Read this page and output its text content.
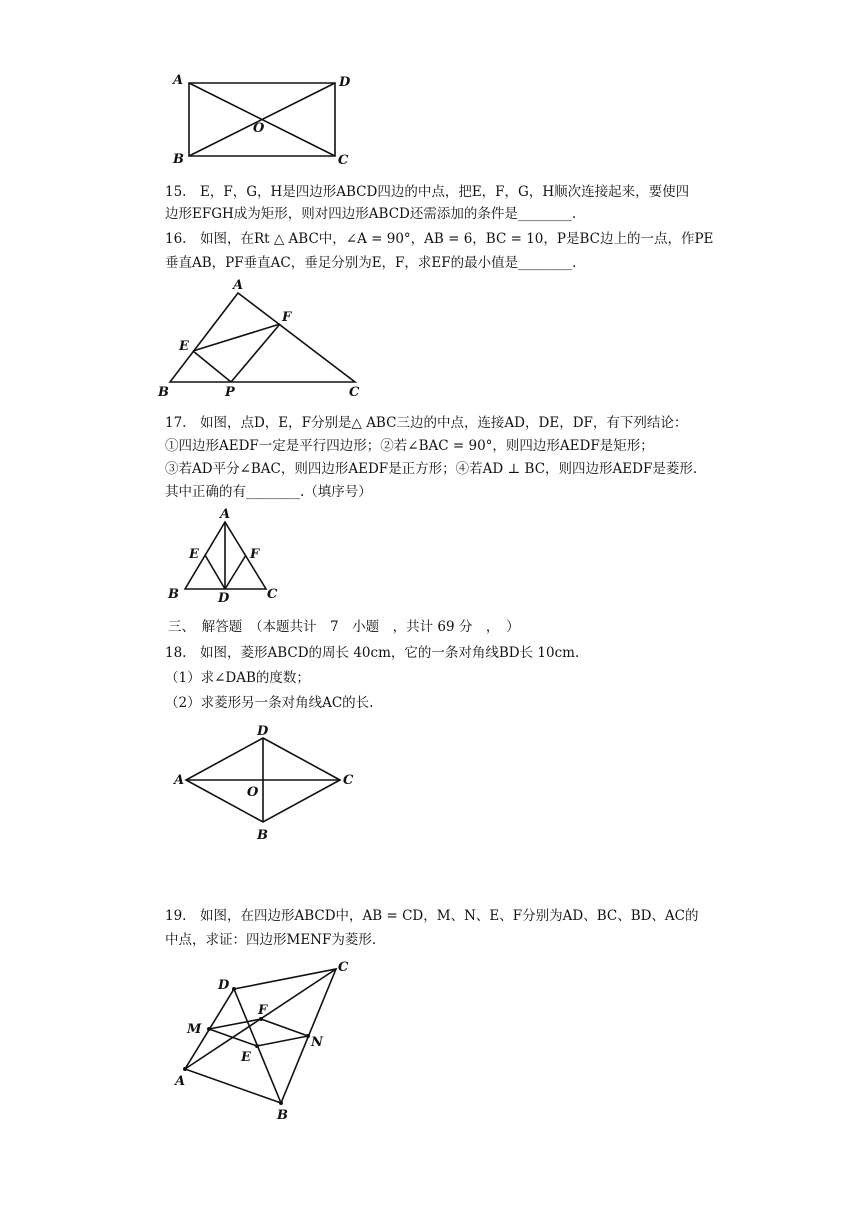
A	D
B	C
O
15.　E，F，G，H是四边形ABCD四边的中点，把E，F，G，H顺次连接起来，要使四
边形EFGH成为矩形，则对四边形ABCD还需添加的条件是________.
16.　如图，在Rt △ ABC中，∠A = 90°，AB = 6，BC = 10，P是BC边上的一点，作PE
垂直AB，PF垂直AC，垂足分别为E，F，求EF的最小值是________.
A
B	C
E
F
P
17.　如图，点D，E，F分别是△ ABC三边的中点，连接AD，DE，DF，有下列结论：
①四边形AEDF一定是平行四边形；②若∠BAC = 90°，则四边形AEDF是矩形；
③若AD平分∠BAC，则四边形AEDF是正方形；④若AD ⊥ BC，则四边形AEDF是菱形.
其中正确的有________.（填序号）
A
B	C
D
E	F
三、　解答题　（本题共计　7　小题　，共计 69 分　，　）
18.　如图，菱形ABCD的周长 40cm，它的一条对角线BD长 10cm.
（1）求∠DAB的度数；
（2）求菱形另一条对角线AC的长.
D
A	C
B
O
19.　如图，在四边形ABCD中，AB = CD，M、N、E、F分别为AD、BC、BD、AC的
中点，求证：四边形MENF为菱形.
D
C
M
F
N
E
A
B
